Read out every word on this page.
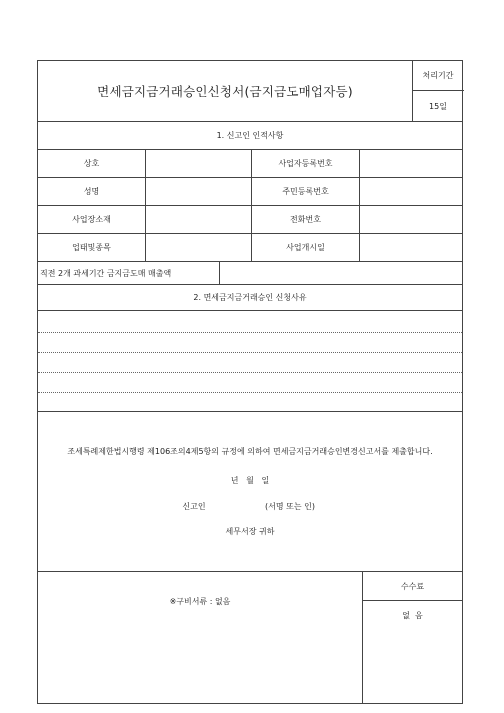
면세금지금거래승인신청서(금지금도매업자등)
처리기간
15일
1. 신고인 인적사항
상호	사업자등록번호
성명	주민등록번호
사업장소재	전화번호
업태및종목	사업개시일
직전 2개 과세기간 금지금도매 매출액
2. 면세금지금거래승인 신청사유
조세특례제한법시행령 제106조의4제5항의 규정에 의하여 면세금지금거래승인변경신고서를 제출합니다.
년   월   일
신고인	(서명 또는 인)
세무서장 귀하
※구비서류 : 없음
수수료
없  음
